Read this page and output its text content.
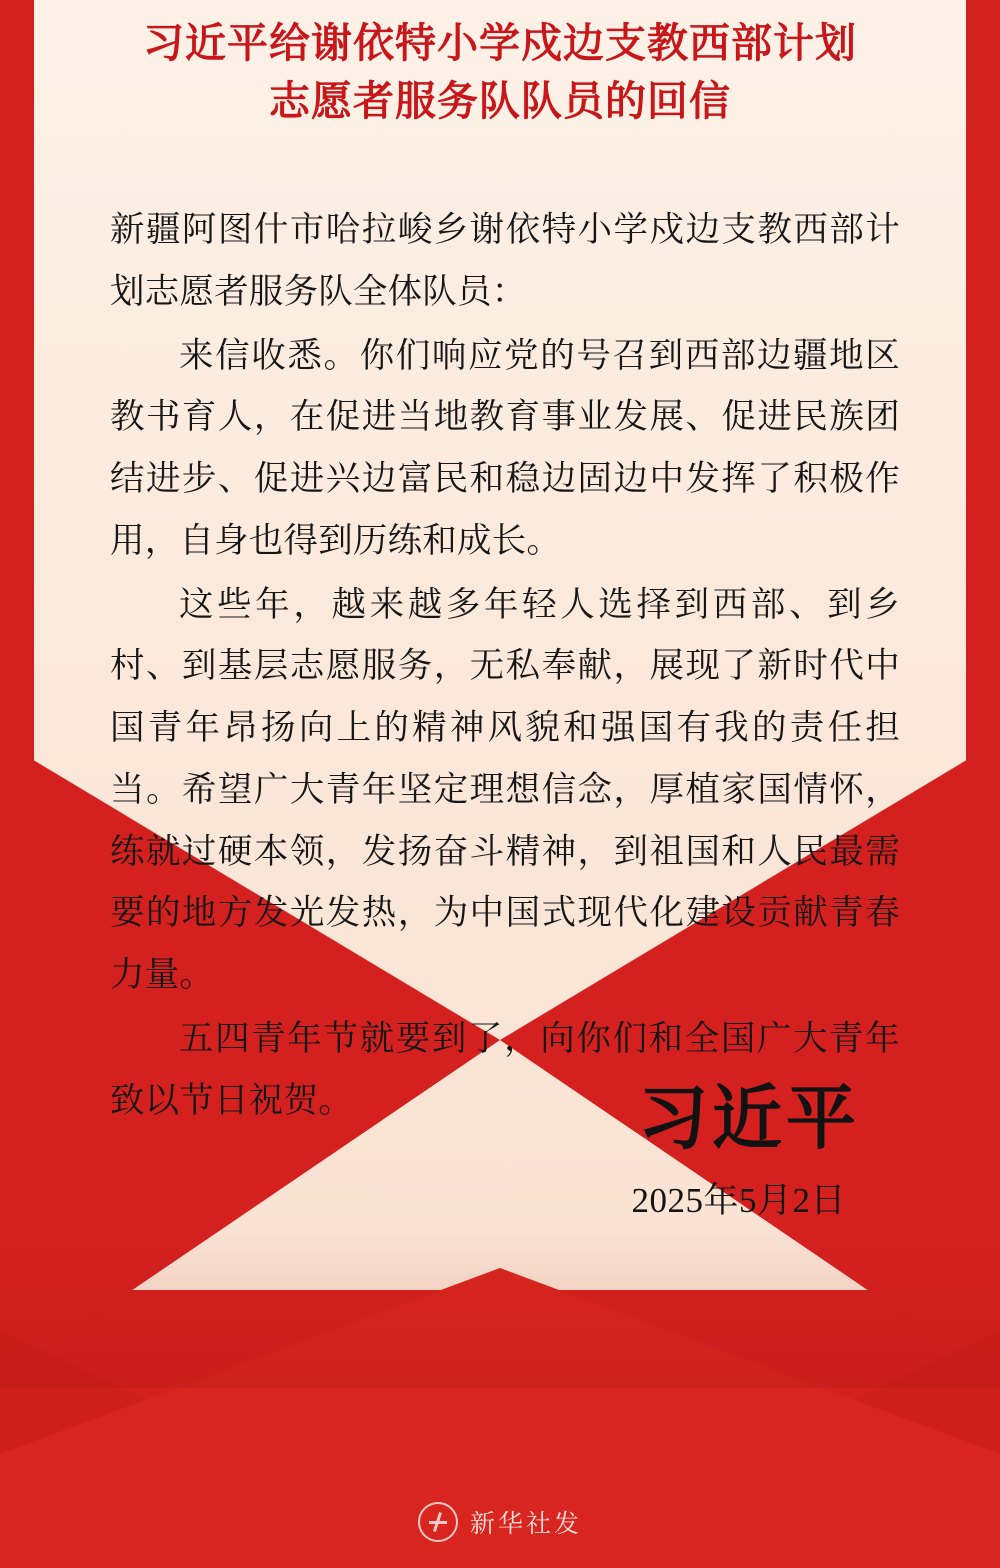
习近平给谢依特小学戍边支教西部计划
志愿者服务队队员的回信

新疆阿图什市哈拉峻乡谢依特小学戍边支教西部计划志愿者服务队全体队员：

来信收悉。你们响应党的号召到西部边疆地区教书育人，在促进当地教育事业发展、促进民族团结进步、促进兴边富民和稳边固边中发挥了积极作用，自身也得到历练和成长。

这些年，越来越多年轻人选择到西部、到乡村、到基层志愿服务，无私奉献，展现了新时代中国青年昂扬向上的精神风貌和强国有我的责任担当。希望广大青年坚定理想信念，厚植家国情怀，练就过硬本领，发扬奋斗精神，到祖国和人民最需要的地方发光发热，为中国式现代化建设贡献青春力量。

五四青年节就要到了，向你们和全国广大青年致以节日祝贺。	习近平
2025年5月2日
新华社发
